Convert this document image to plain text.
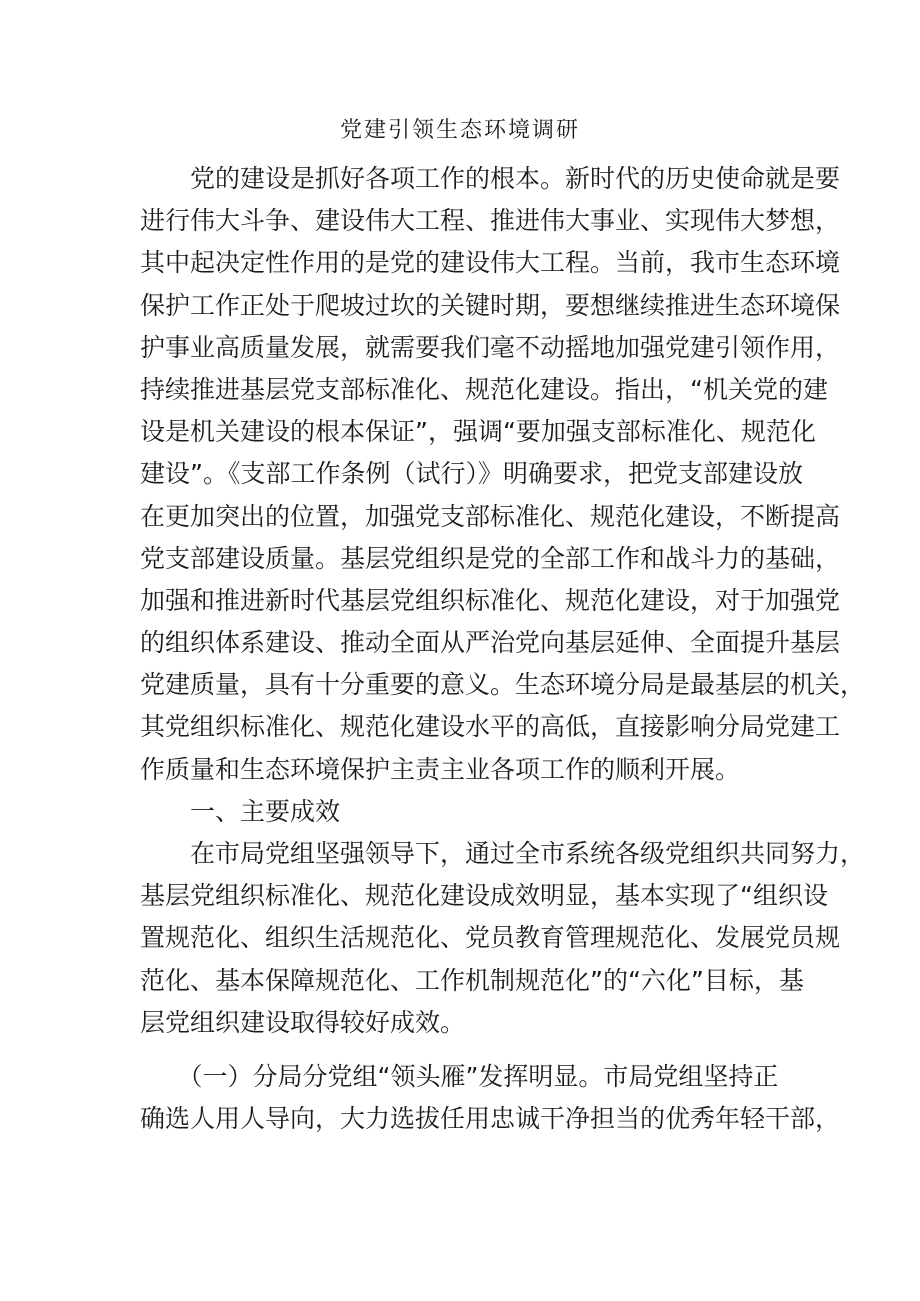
党建引领生态环境调研
　　党的建设是抓好各项工作的根本。新时代的历史使命就是要
进行伟大斗争、建设伟大工程、推进伟大事业、实现伟大梦想，
其中起决定性作用的是党的建设伟大工程。当前，我市生态环境
保护工作正处于爬坡过坎的关键时期，要想继续推进生态环境保
护事业高质量发展，就需要我们毫不动摇地加强党建引领作用，
持续推进基层党支部标准化、规范化建设。指出，“机关党的建
设是机关建设的根本保证”，强调“要加强支部标准化、规范化
建设”。《支部工作条例（试行）》明确要求，把党支部建设放
在更加突出的位置，加强党支部标准化、规范化建设，不断提高
党支部建设质量。基层党组织是党的全部工作和战斗力的基础，
加强和推进新时代基层党组织标准化、规范化建设，对于加强党
的组织体系建设、推动全面从严治党向基层延伸、全面提升基层
党建质量，具有十分重要的意义。生态环境分局是最基层的机关，
其党组织标准化、规范化建设水平的高低，直接影响分局党建工
作质量和生态环境保护主责主业各项工作的顺利开展。
　　一、主要成效
　　在市局党组坚强领导下，通过全市系统各级党组织共同努力，
基层党组织标准化、规范化建设成效明显，基本实现了“组织设
置规范化、组织生活规范化、党员教育管理规范化、发展党员规
范化、基本保障规范化、工作机制规范化”的“六化”目标，基
层党组织建设取得较好成效。
　　（一）分局分党组“领头雁”发挥明显。市局党组坚持正
确选人用人导向，大力选拔任用忠诚干净担当的优秀年轻干部，
